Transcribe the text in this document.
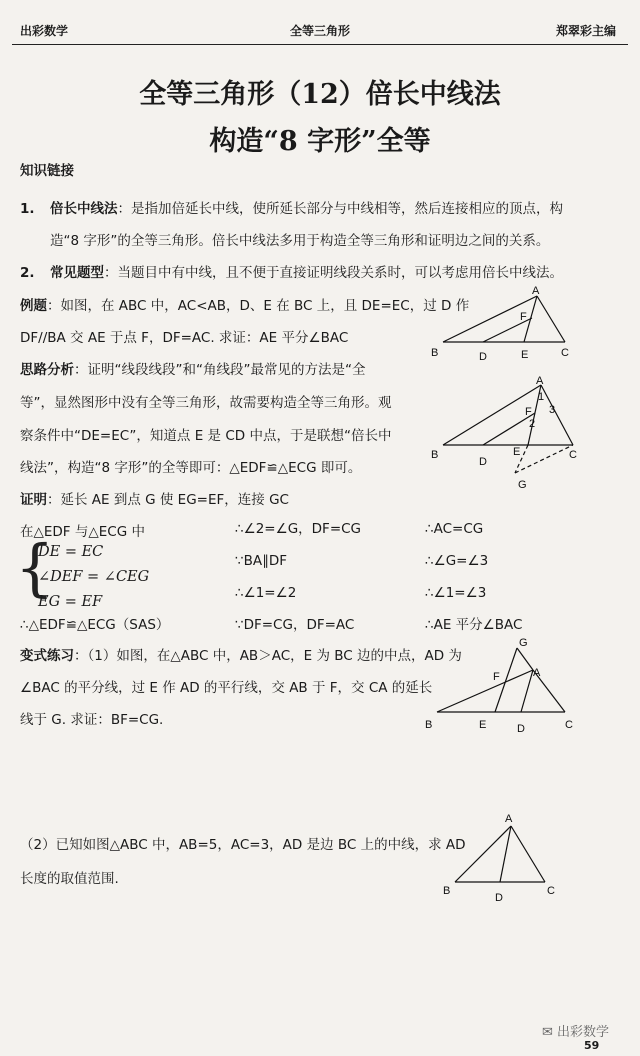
出彩数学	全等三角形	郑翠彩主编
全等三角形（12）倍长中线法
构造“8 字形”全等
知识链接
1. 倍长中线法：是指加倍延长中线，使所延长部分与中线相等，然后连接相应的顶点，构
造“8 字形”的全等三角形。倍长中线法多用于构造全等三角形和证明边之间的关系。
2. 常见题型：当题目中有中线，且不便于直接证明线段关系时，可以考虑用倍长中线法。
例题：如图，在 ABC 中，AC<AB，D、E 在 BC 上，且 DE=EC，过 D 作
DF//BA 交 AE 于点 F，DF=AC. 求证：AE 平分∠BAC
思路分析：证明“线段线段”和“角线段”最常见的方法是“全
等”，显然图形中没有全等三角形，故需要构造全等三角形。观
察条件中“DE=EC”，知道点 E 是 CD 中点，于是联想“倍长中
线法”，构造“8 字形”的全等即可：△EDF≌△ECG 即可。
证明：延长 AE 到点 G 使 EG=EF，连接 GC
在△EDF 与△ECG 中
{
DE = EC
∠DEF = ∠CEG
EG = EF
∴△EDF≌△ECG（SAS）
∴∠2=∠G，DF=CG
∵BA∥DF
∴∠1=∠2
∵DF=CG，DF=AC
∴AC=CG
∴∠G=∠3
∴∠1=∠3
∴AE 平分∠BAC
变式练习：（1）如图，在△ABC 中，AB＞AC，E 为 BC 边的中点，AD 为
∠BAC 的平分线，过 E 作 AD 的平行线，交 AB 于 F，交 CA 的延长
线于 G. 求证：BF=CG.
（2）已知如图△ABC 中，AB=5，AC=3，AD 是边 BC 上的中线，求 AD
长度的取值范围.
A
B	C
D	E
F
A
B	C
D
E
F
G
1
2
3
G
A
F
B	E	D	C
A
B	C
D
✉ 出彩数学
59
